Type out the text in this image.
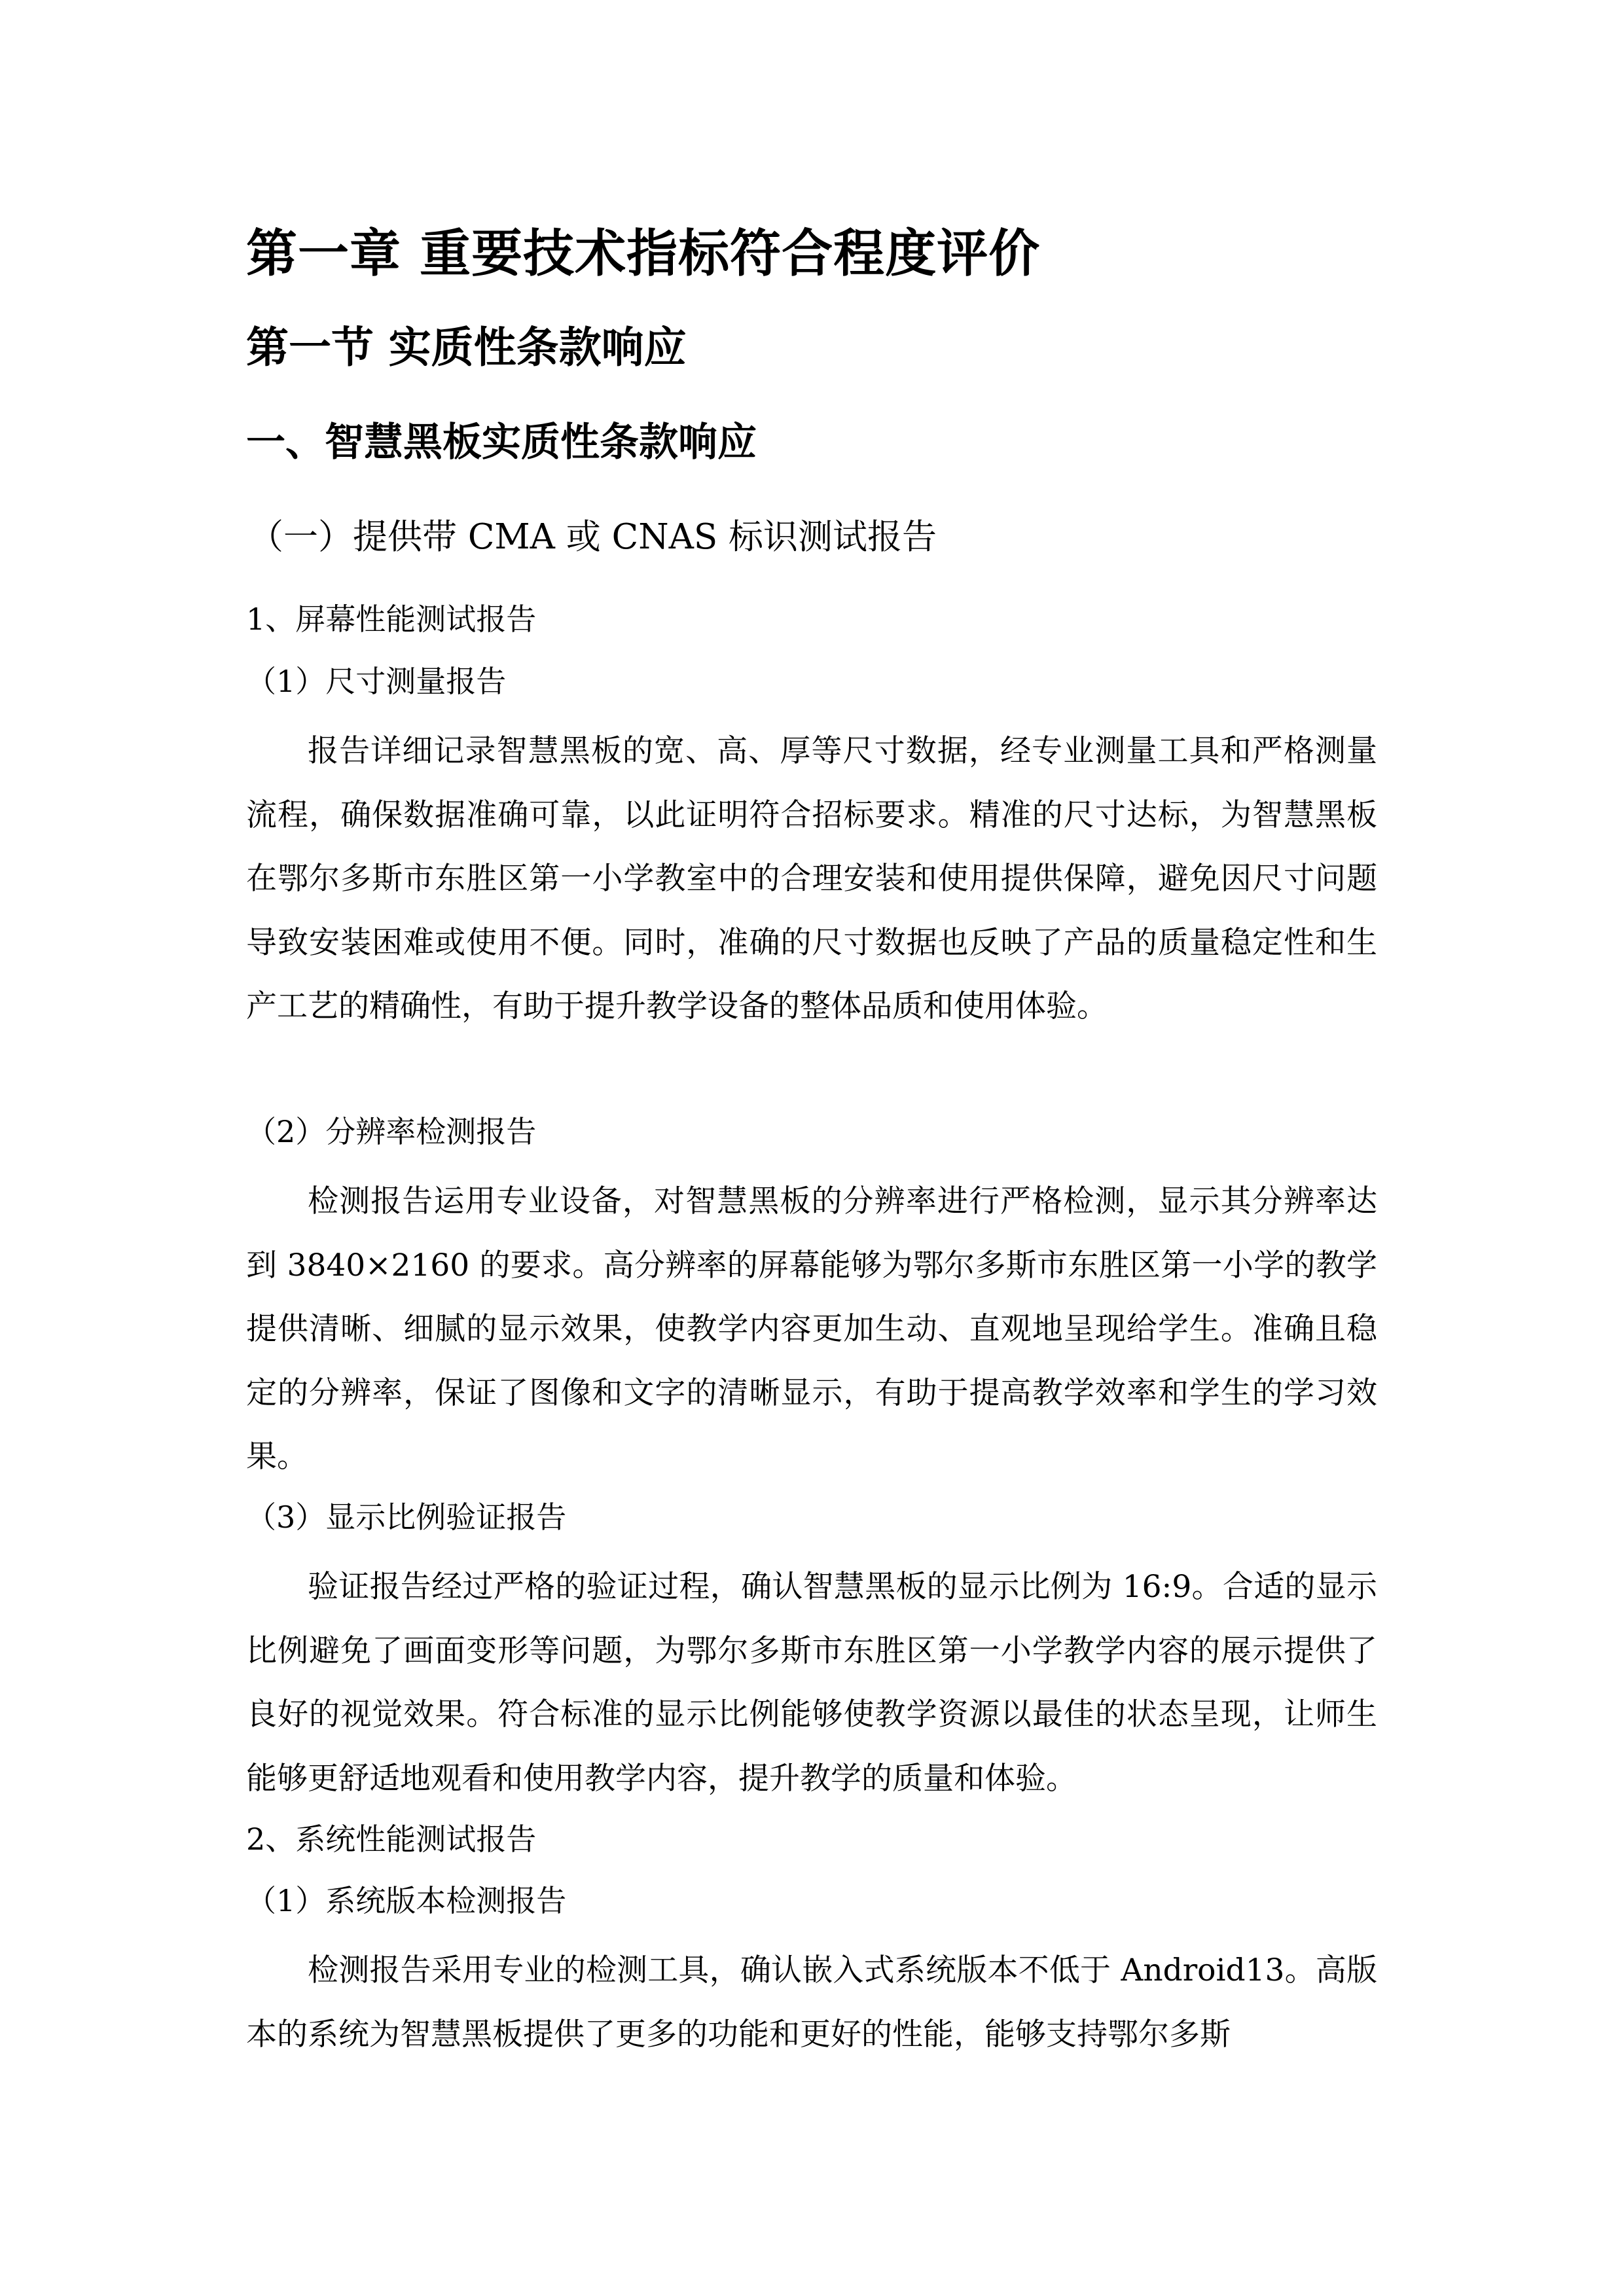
第一章 重要技术指标符合程度评价
第一节 实质性条款响应
一、智慧黑板实质性条款响应
（一）提供带 CMA 或 CNAS 标识测试报告
1、屏幕性能测试报告
（1）尺寸测量报告
报告详细记录智慧黑板的宽、高、厚等尺寸数据，经专业测量工具和严格测量流程，确保数据准确可靠，以此证明符合招标要求。精准的尺寸达标，为智慧黑板在鄂尔多斯市东胜区第一小学教室中的合理安装和使用提供保障，避免因尺寸问题导致安装困难或使用不便。同时，准确的尺寸数据也反映了产品的质量稳定性和生产工艺的精确性，有助于提升教学设备的整体品质和使用体验。
（2）分辨率检测报告
检测报告运用专业设备，对智慧黑板的分辨率进行严格检测，显示其分辨率达到 3840×2160 的要求。高分辨率的屏幕能够为鄂尔多斯市东胜区第一小学的教学提供清晰、细腻的显示效果，使教学内容更加生动、直观地呈现给学生。准确且稳定的分辨率，保证了图像和文字的清晰显示，有助于提高教学效率和学生的学习效果。
（3）显示比例验证报告
验证报告经过严格的验证过程，确认智慧黑板的显示比例为 16:9。合适的显示比例避免了画面变形等问题，为鄂尔多斯市东胜区第一小学教学内容的展示提供了良好的视觉效果。符合标准的显示比例能够使教学资源以最佳的状态呈现，让师生能够更舒适地观看和使用教学内容，提升教学的质量和体验。
2、系统性能测试报告
（1）系统版本检测报告
检测报告采用专业的检测工具，确认嵌入式系统版本不低于 Android13。高版本的系统为智慧黑板提供了更多的功能和更好的性能，能够支持鄂尔多斯
